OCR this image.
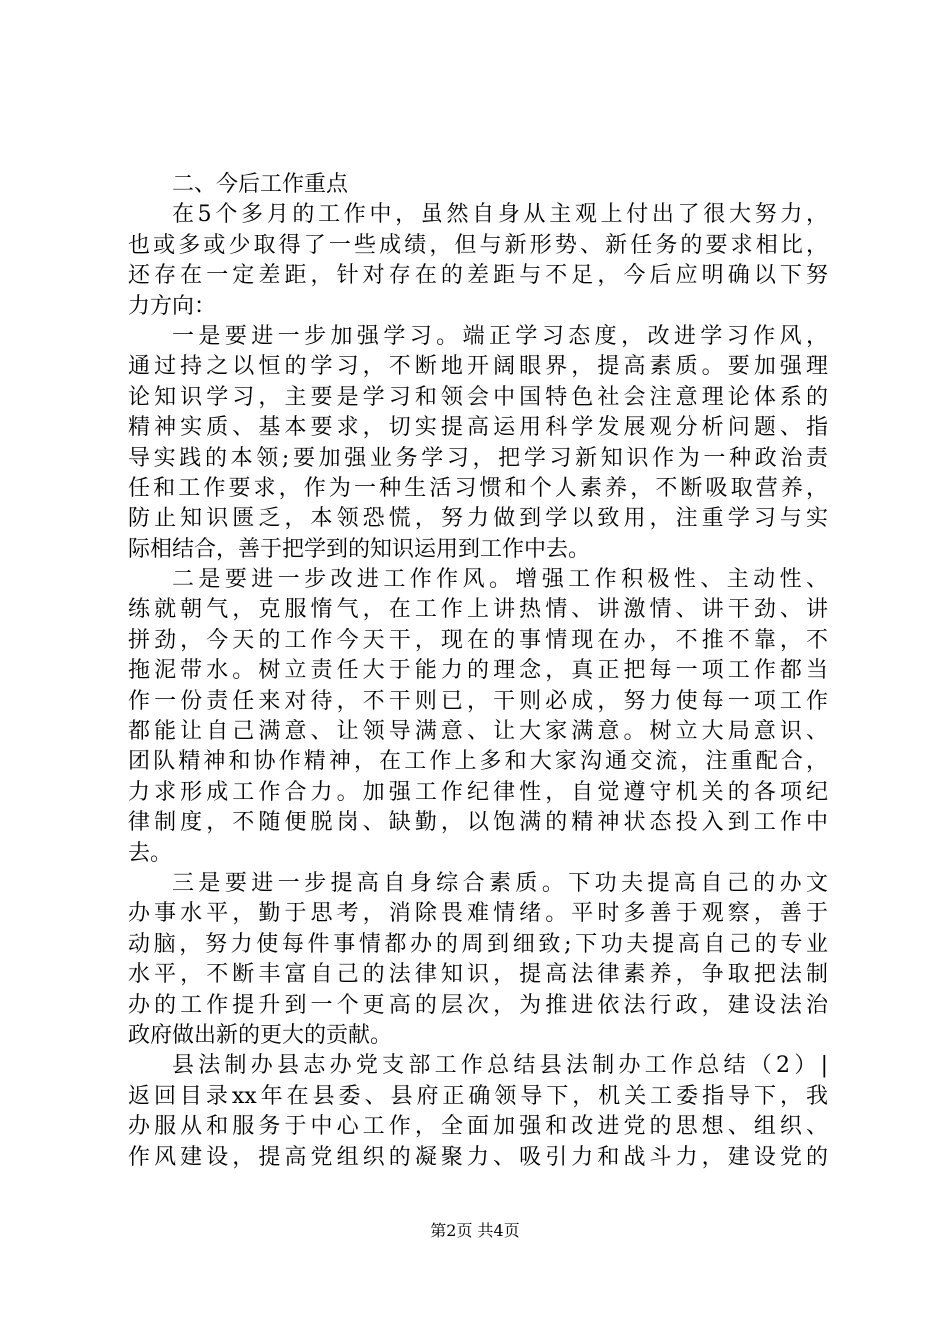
二、今后工作重点
在5个多月的工作中，虽然自身从主观上付出了很大努力，
也或多或少取得了一些成绩，但与新形势、新任务的要求相比，
还存在一定差距，针对存在的差距与不足，今后应明确以下努
力方向：
一是要进一步加强学习。端正学习态度，改进学习作风，
通过持之以恒的学习，不断地开阔眼界，提高素质。要加强理
论知识学习，主要是学习和领会中国特色社会注意理论体系的
精神实质、基本要求，切实提高运用科学发展观分析问题、指
导实践的本领;要加强业务学习，把学习新知识作为一种政治责
任和工作要求，作为一种生活习惯和个人素养，不断吸取营养，
防止知识匮乏，本领恐慌，努力做到学以致用，注重学习与实
际相结合，善于把学到的知识运用到工作中去。
二是要进一步改进工作作风。增强工作积极性、主动性、
练就朝气，克服惰气，在工作上讲热情、讲激情、讲干劲、讲
拼劲，今天的工作今天干，现在的事情现在办，不推不靠，不
拖泥带水。树立责任大于能力的理念，真正把每一项工作都当
作一份责任来对待，不干则已，干则必成，努力使每一项工作
都能让自己满意、让领导满意、让大家满意。树立大局意识、
团队精神和协作精神，在工作上多和大家沟通交流，注重配合，
力求形成工作合力。加强工作纪律性，自觉遵守机关的各项纪
律制度，不随便脱岗、缺勤，以饱满的精神状态投入到工作中
去。
三是要进一步提高自身综合素质。下功夫提高自己的办文
办事水平，勤于思考，消除畏难情绪。平时多善于观察，善于
动脑，努力使每件事情都办的周到细致;下功夫提高自己的专业
水平，不断丰富自己的法律知识，提高法律素养，争取把法制
办的工作提升到一个更高的层次，为推进依法行政，建设法治
政府做出新的更大的贡献。
县法制办县志办党支部工作总结县法制办工作总结（2）|
返回目录xx年在县委、县府正确领导下，机关工委指导下，我
办服从和服务于中心工作，全面加强和改进党的思想、组织、
作风建设，提高党组织的凝聚力、吸引力和战斗力，建设党的
第2页 共4页
